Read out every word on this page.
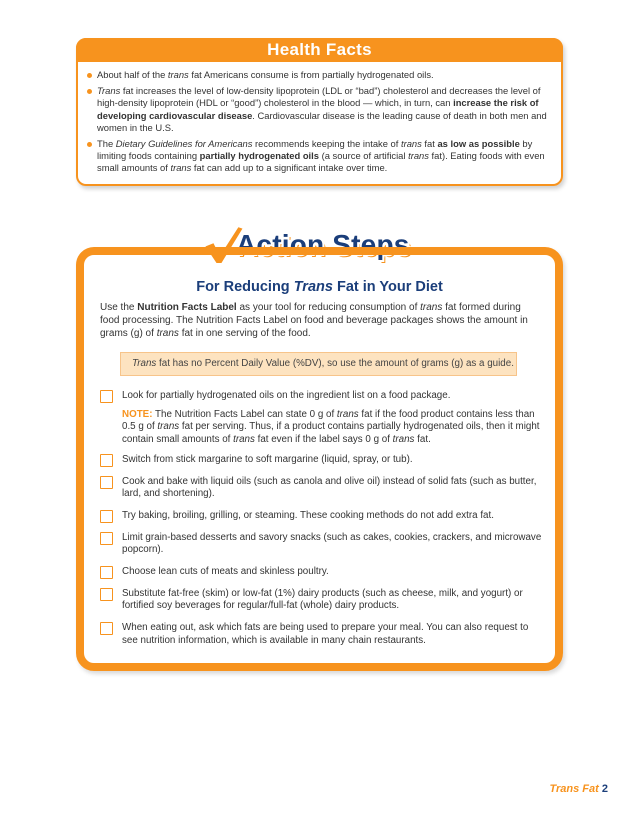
Health Facts
About half of the trans fat Americans consume is from partially hydrogenated oils.
Trans fat increases the level of low-density lipoprotein (LDL or “bad”) cholesterol and decreases the level of high-density lipoprotein (HDL or “good”) cholesterol in the blood — which, in turn, can increase the risk of developing cardiovascular disease. Cardiovascular disease is the leading cause of death in both men and women in the U.S.
The Dietary Guidelines for Americans recommends keeping the intake of trans fat as low as possible by limiting foods containing partially hydrogenated oils (a source of artificial trans fat). Eating foods with even small amounts of trans fat can add up to a significant intake over time.
Action Steps
For Reducing Trans Fat in Your Diet
Use the Nutrition Facts Label as your tool for reducing consumption of trans fat formed during food processing. The Nutrition Facts Label on food and beverage packages shows the amount in grams (g) of trans fat in one serving of the food.
Trans fat has no Percent Daily Value (%DV), so use the amount of grams (g) as a guide.
Look for partially hydrogenated oils on the ingredient list on a food package.
NOTE: The Nutrition Facts Label can state 0 g of trans fat if the food product contains less than 0.5 g of trans fat per serving. Thus, if a product contains partially hydrogenated oils, then it might contain small amounts of trans fat even if the label says 0 g of trans fat.
Switch from stick margarine to soft margarine (liquid, spray, or tub).
Cook and bake with liquid oils (such as canola and olive oil) instead of solid fats (such as butter, lard, and shortening).
Try baking, broiling, grilling, or steaming. These cooking methods do not add extra fat.
Limit grain-based desserts and savory snacks (such as cakes, cookies, crackers, and microwave popcorn).
Choose lean cuts of meats and skinless poultry.
Substitute fat-free (skim) or low-fat (1%) dairy products (such as cheese, milk, and yogurt) or fortified soy beverages for regular/full-fat (whole) dairy products.
When eating out, ask which fats are being used to prepare your meal. You can also request to see nutrition information, which is available in many chain restaurants.
Trans Fat 2
